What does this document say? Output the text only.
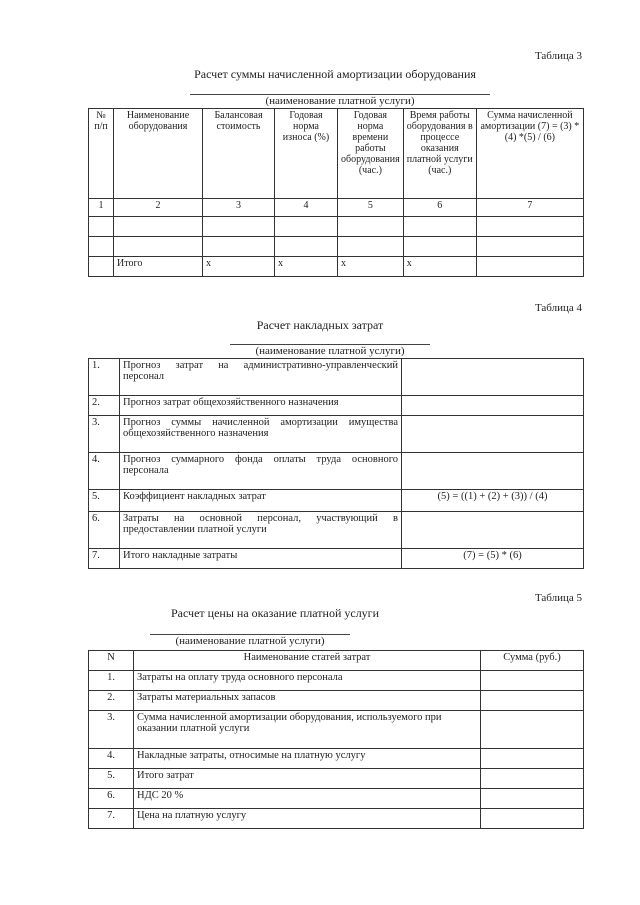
Таблица 3
Расчет суммы начисленной амортизации оборудования
(наименование платной услуги)
№ п/п	Наименование оборудования	Балансовая стоимость	Годовая норма износа (%)	Годовая норма времени работы оборудования (час.)	Время работы оборудования в процессе оказания платной услуги (час.)	Сумма начисленной амортизации (7) = (3) * (4) *(5) / (6)
1	2	3	4	5	6	7

	Итого	х	х	х	х	
Таблица 4
Расчет накладных затрат
(наименование платной услуги)
1.	Прогноз затрат на административно-управленческий персонал	
2.	Прогноз затрат общехозяйственного назначения	
3.	Прогноз суммы начисленной амортизации имущества общехозяйственного назначения	
4.	Прогноз суммарного фонда оплаты труда основного персонала	
5.	Коэффициент накладных затрат	(5) = ((1) + (2) + (3)) / (4)
6.	Затраты на основной персонал, участвующий в предоставлении платной услуги	
7.	Итого накладные затраты	(7) = (5) * (6)
Таблица 5
Расчет цены на оказание платной услуги
(наименование платной услуги)
N	Наименование статей затрат	Сумма (руб.)
1.	Затраты на оплату труда основного персонала	
2.	Затраты материальных запасов	
3.	Сумма начисленной амортизации оборудования, используемого при оказании платной услуги	
4.	Накладные затраты, относимые на платную услугу	
5.	Итого затрат	
6.	НДС 20 %	
7.	Цена на платную услугу	
